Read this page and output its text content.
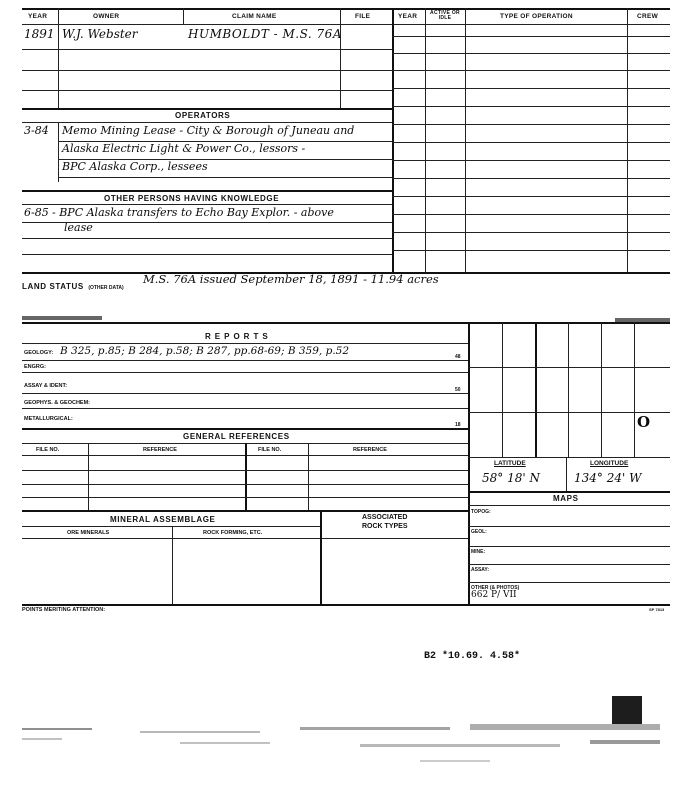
YEAR	OWNER	CLAIM NAME	FILE	YEAR	ACTIVE OR IDLE	TYPE OF OPERATION	CREW
1891 W.J. Webster	HUMBOLDT - M.S. 76A
OPERATORS
3-84 Memo Mining Lease - City & Borough of Juneau and
Alaska Electric Light & Power Co., lessors -
BPC Alaska Corp., lessees
OTHER PERSONS HAVING KNOWLEDGE
6-85 - BPC Alaska transfers to Echo Bay Explor. - above
lease
LAND STATUS (OTHER DATA)
M.S. 76A issued September 18, 1891 - 11.94 acres
REPORTS
GEOLOGY: B 325, p.85; B 284, p.58; B 287, pp.68-69; B 359, p.52	48
ENGRG:
ASSAY & IDENT:
50
GEOPHYS. & GEOCHEM:
METALLURGICAL:
18
GENERAL REFERENCES
FILE NO.	REFERENCE	FILE NO.	REFERENCE
MINERAL ASSEMBLAGE	ASSOCIATED
ROCK TYPES
ORE MINERALS	ROCK FORMING, ETC.
O
LATITUDE	LONGITUDE
58° 18' N	134° 24' W
MAPS
TOPOG:
GEOL:
MINE:
ASSAY:
OTHER (& PHOTOS)
662 P/ VII
POINTS MERITING ATTENTION:	SP 7813
B2 *10.69. 4.58*
